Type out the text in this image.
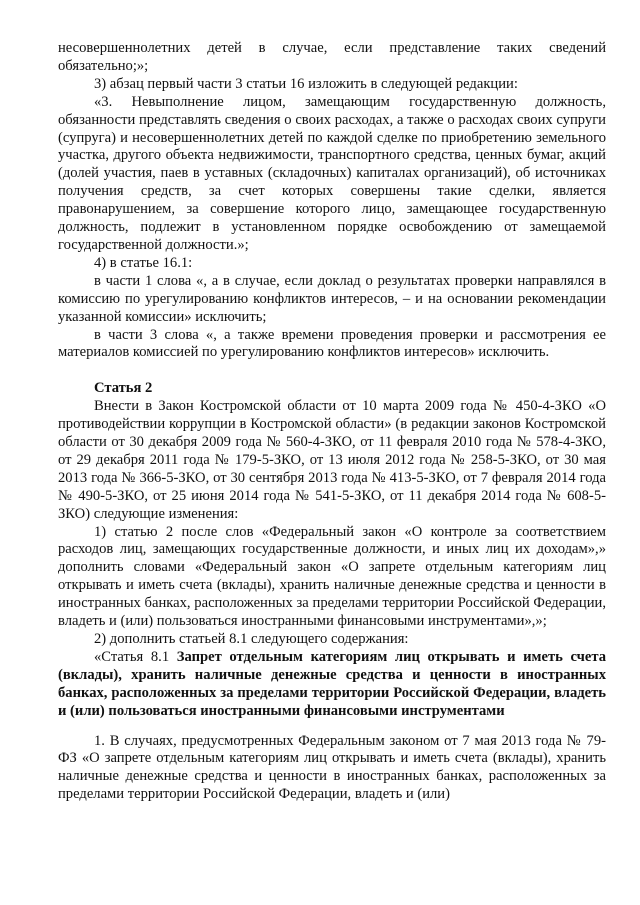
несовершеннолетних детей в случае, если представление таких сведений обязательно;»;

3) абзац первый части 3 статьи 16 изложить в следующей редакции:

«3. Невыполнение лицом, замещающим государственную должность, обязанности представлять сведения о своих расходах, а также о расходах своих супруги (супруга) и несовершеннолетних детей по каждой сделке по приобретению земельного участка, другого объекта недвижимости, транспортного средства, ценных бумаг, акций (долей участия, паев в уставных (складочных) капиталах организаций), об источниках получения средств, за счет которых совершены такие сделки, является правонарушением, за совершение которого лицо, замещающее государственную должность, подлежит в установленном порядке освобождению от замещаемой государственной должности.»;

4) в статье 16.1:

в части 1 слова «, а в случае, если доклад о результатах проверки направлялся в комиссию по урегулированию конфликтов интересов, – и на основании рекомендации указанной комиссии» исключить;

в части 3 слова «, а также времени проведения проверки и рассмотрения ее материалов комиссией по урегулированию конфликтов интересов» исключить.

Статья 2

Внести в Закон Костромской области от 10 марта 2009 года № 450-4-ЗКО «О противодействии коррупции в Костромской области» (в редакции законов Костромской области от 30 декабря 2009 года № 560-4-ЗКО, от 11 февраля 2010 года № 578-4-ЗКО, от 29 декабря 2011 года № 179-5-ЗКО, от 13 июля 2012 года № 258-5-ЗКО, от 30 мая 2013 года № 366-5-ЗКО, от 30 сентября 2013 года № 413-5-ЗКО, от 7 февраля 2014 года № 490-5-ЗКО, от 25 июня 2014 года № 541-5-ЗКО, от 11 декабря 2014 года № 608-5-ЗКО) следующие изменения:

1) статью 2 после слов «Федеральный закон «О контроле за соответствием расходов лиц, замещающих государственные должности, и иных лиц их доходам»,» дополнить словами «Федеральный закон «О запрете отдельным категориям лиц открывать и иметь счета (вклады), хранить наличные денежные средства и ценности в иностранных банках, расположенных за пределами территории Российской Федерации, владеть и (или) пользоваться иностранными финансовыми инструментами»,»;

2) дополнить статьей 8.1 следующего содержания:

«Статья 8.1 Запрет отдельным категориям лиц открывать и иметь счета (вклады), хранить наличные денежные средства и ценности в иностранных банках, расположенных за пределами территории Российской Федерации, владеть и (или) пользоваться иностранными финансовыми инструментами

1. В случаях, предусмотренных Федеральным законом от 7 мая 2013 года № 79-ФЗ «О запрете отдельным категориям лиц открывать и иметь счета (вклады), хранить наличные денежные средства и ценности в иностранных банках, расположенных за пределами территории Российской Федерации, владеть и (или)
